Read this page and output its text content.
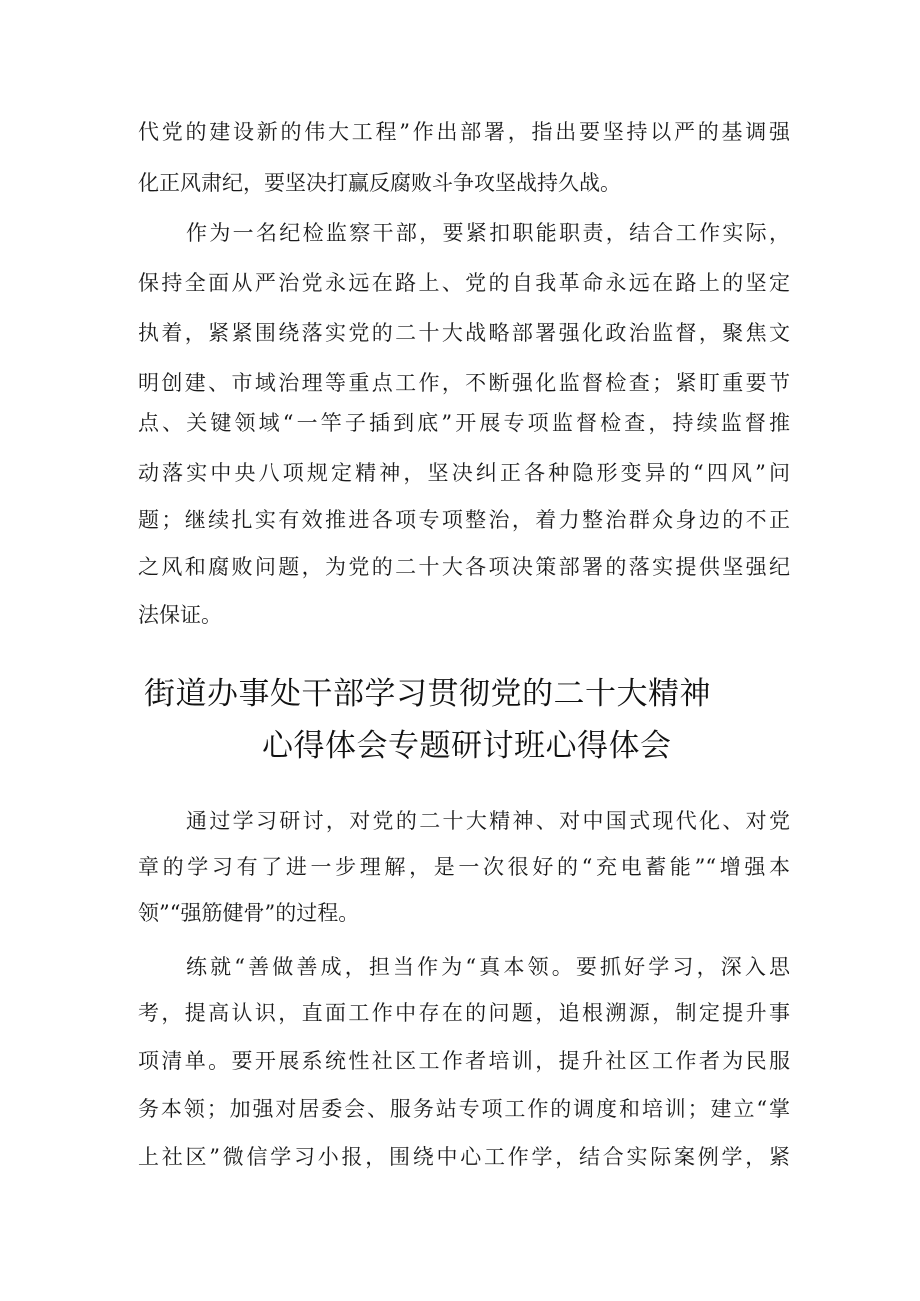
代党的建设新的伟大工程”作出部署，指出要坚持以严的基调强
化正风肃纪，要坚决打赢反腐败斗争攻坚战持久战。
作为一名纪检监察干部，要紧扣职能职责，结合工作实际，
保持全面从严治党永远在路上、党的自我革命永远在路上的坚定
执着，紧紧围绕落实党的二十大战略部署强化政治监督，聚焦文
明创建、市域治理等重点工作，不断强化监督检查；紧盯重要节
点、关键领域“一竿子插到底”开展专项监督检查，持续监督推
动落实中央八项规定精神，坚决纠正各种隐形变异的“四风”问
题；继续扎实有效推进各项专项整治，着力整治群众身边的不正
之风和腐败问题，为党的二十大各项决策部署的落实提供坚强纪
法保证。
街道办事处干部学习贯彻党的二十大精神
心得体会专题研讨班心得体会
通过学习研讨，对党的二十大精神、对中国式现代化、对党
章的学习有了进一步理解，是一次很好的“充电蓄能”“增强本
领”“强筋健骨”的过程。
练就“善做善成，担当作为“真本领。要抓好学习，深入思
考，提高认识，直面工作中存在的问题，追根溯源，制定提升事
项清单。要开展系统性社区工作者培训，提升社区工作者为民服
务本领；加强对居委会、服务站专项工作的调度和培训；建立“掌
上社区”微信学习小报，围绕中心工作学，结合实际案例学，紧
